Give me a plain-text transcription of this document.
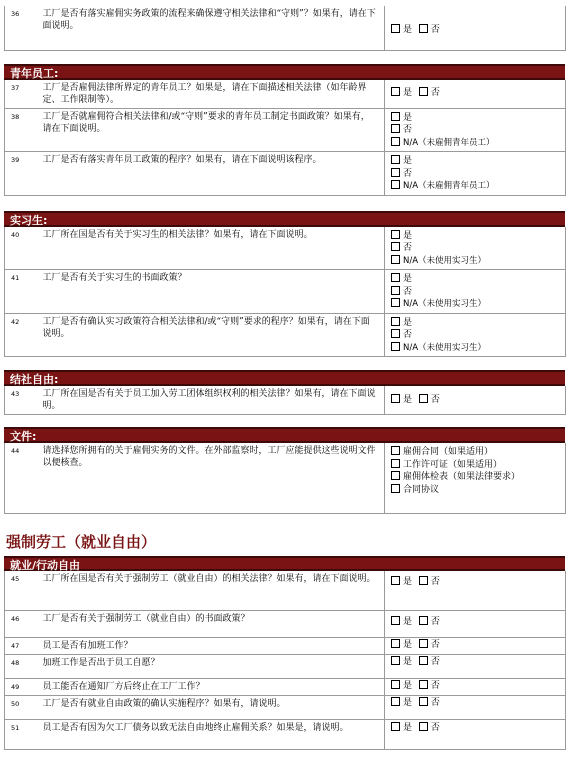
36	工厂是否有落实雇佣实务政策的流程来确保遵守相关法律和“守则”？如果有，请在下面说明。	是 否
青年员工:
37	工厂是否雇佣法律所界定的青年员工？如果是，请在下面描述相关法律（如年龄界定、工作限制等）。	是 否
38	工厂是否就雇佣符合相关法律和/或“守则”要求的青年员工制定书面政策？如果有，请在下面说明。	是
否
N/A（未雇佣青年员工）

39	工厂是否有落实青年员工政策的程序？如果有，请在下面说明该程序。	是
否
N/A（未雇佣青年员工）
实习生:
40	工厂所在国是否有关于实习生的相关法律？如果有，请在下面说明。	是
否
N/A（未使用实习生）

41	工厂是否有关于实习生的书面政策？	是
否
N/A（未使用实习生）

42	工厂是否有确认实习政策符合相关法律和/或“守则”要求的程序？如果有，请在下面说明。	是
否
N/A（未使用实习生）
结社自由:
43	工厂所在国是否有关于员工加入劳工团体组织权利的相关法律？如果有，请在下面说明。	是 否
文件:
44	请选择您所拥有的关于雇佣实务的文件。在外部监察时，工厂应能提供这些说明文件以便核查。	
雇佣合同（如果适用）
工作许可证（如果适用）
雇佣体检表（如果法律要求）
合同协议
强制劳工（就业自由）
就业/行动自由
45	工厂所在国是否有关于强制劳工（就业自由）的相关法律？如果有，请在下面说明。	是 否
46	工厂是否有关于强制劳工（就业自由）的书面政策？	是 否
47	员工是否有加班工作？	是 否
48	加班工作是否出于员工自愿？	是 否
49	员工能否在通知厂方后终止在工厂工作？	是 否
50	工厂是否有就业自由政策的确认实施程序？如果有，请说明。	是 否
51	员工是否有因为欠工厂债务以致无法自由地终止雇佣关系？如果是，请说明。	是 否
